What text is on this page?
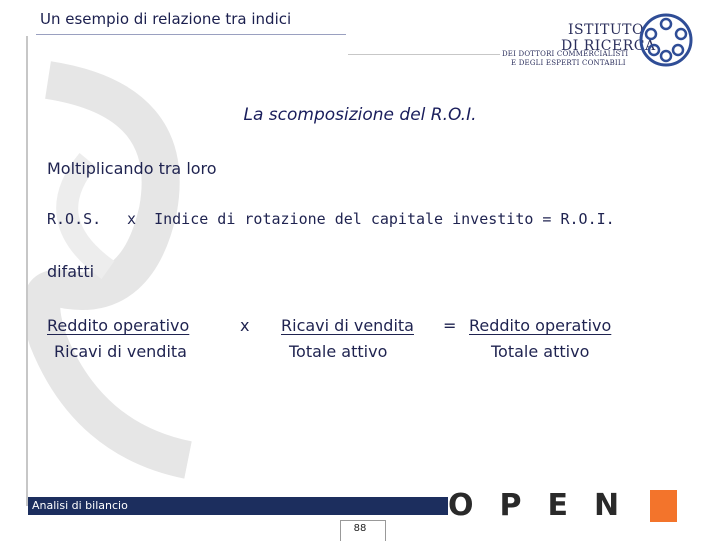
Un esempio di relazione tra indici
ISTITUTO
DI RICERCA
DEI DOTTORI COMMERCIALISTI
E DEGLI ESPERTI CONTABILI
La scomposizione del R.O.I.
Moltiplicando tra loro
R.O.S. x  Indice di rotazione del capitale investito = R.O.I.
difatti
Reddito operativo
Ricavi di vendita
x Ricavi di vendita
Totale attivo
= Reddito operativo
Totale attivo
Analisi di bilancio	OPEN
88
